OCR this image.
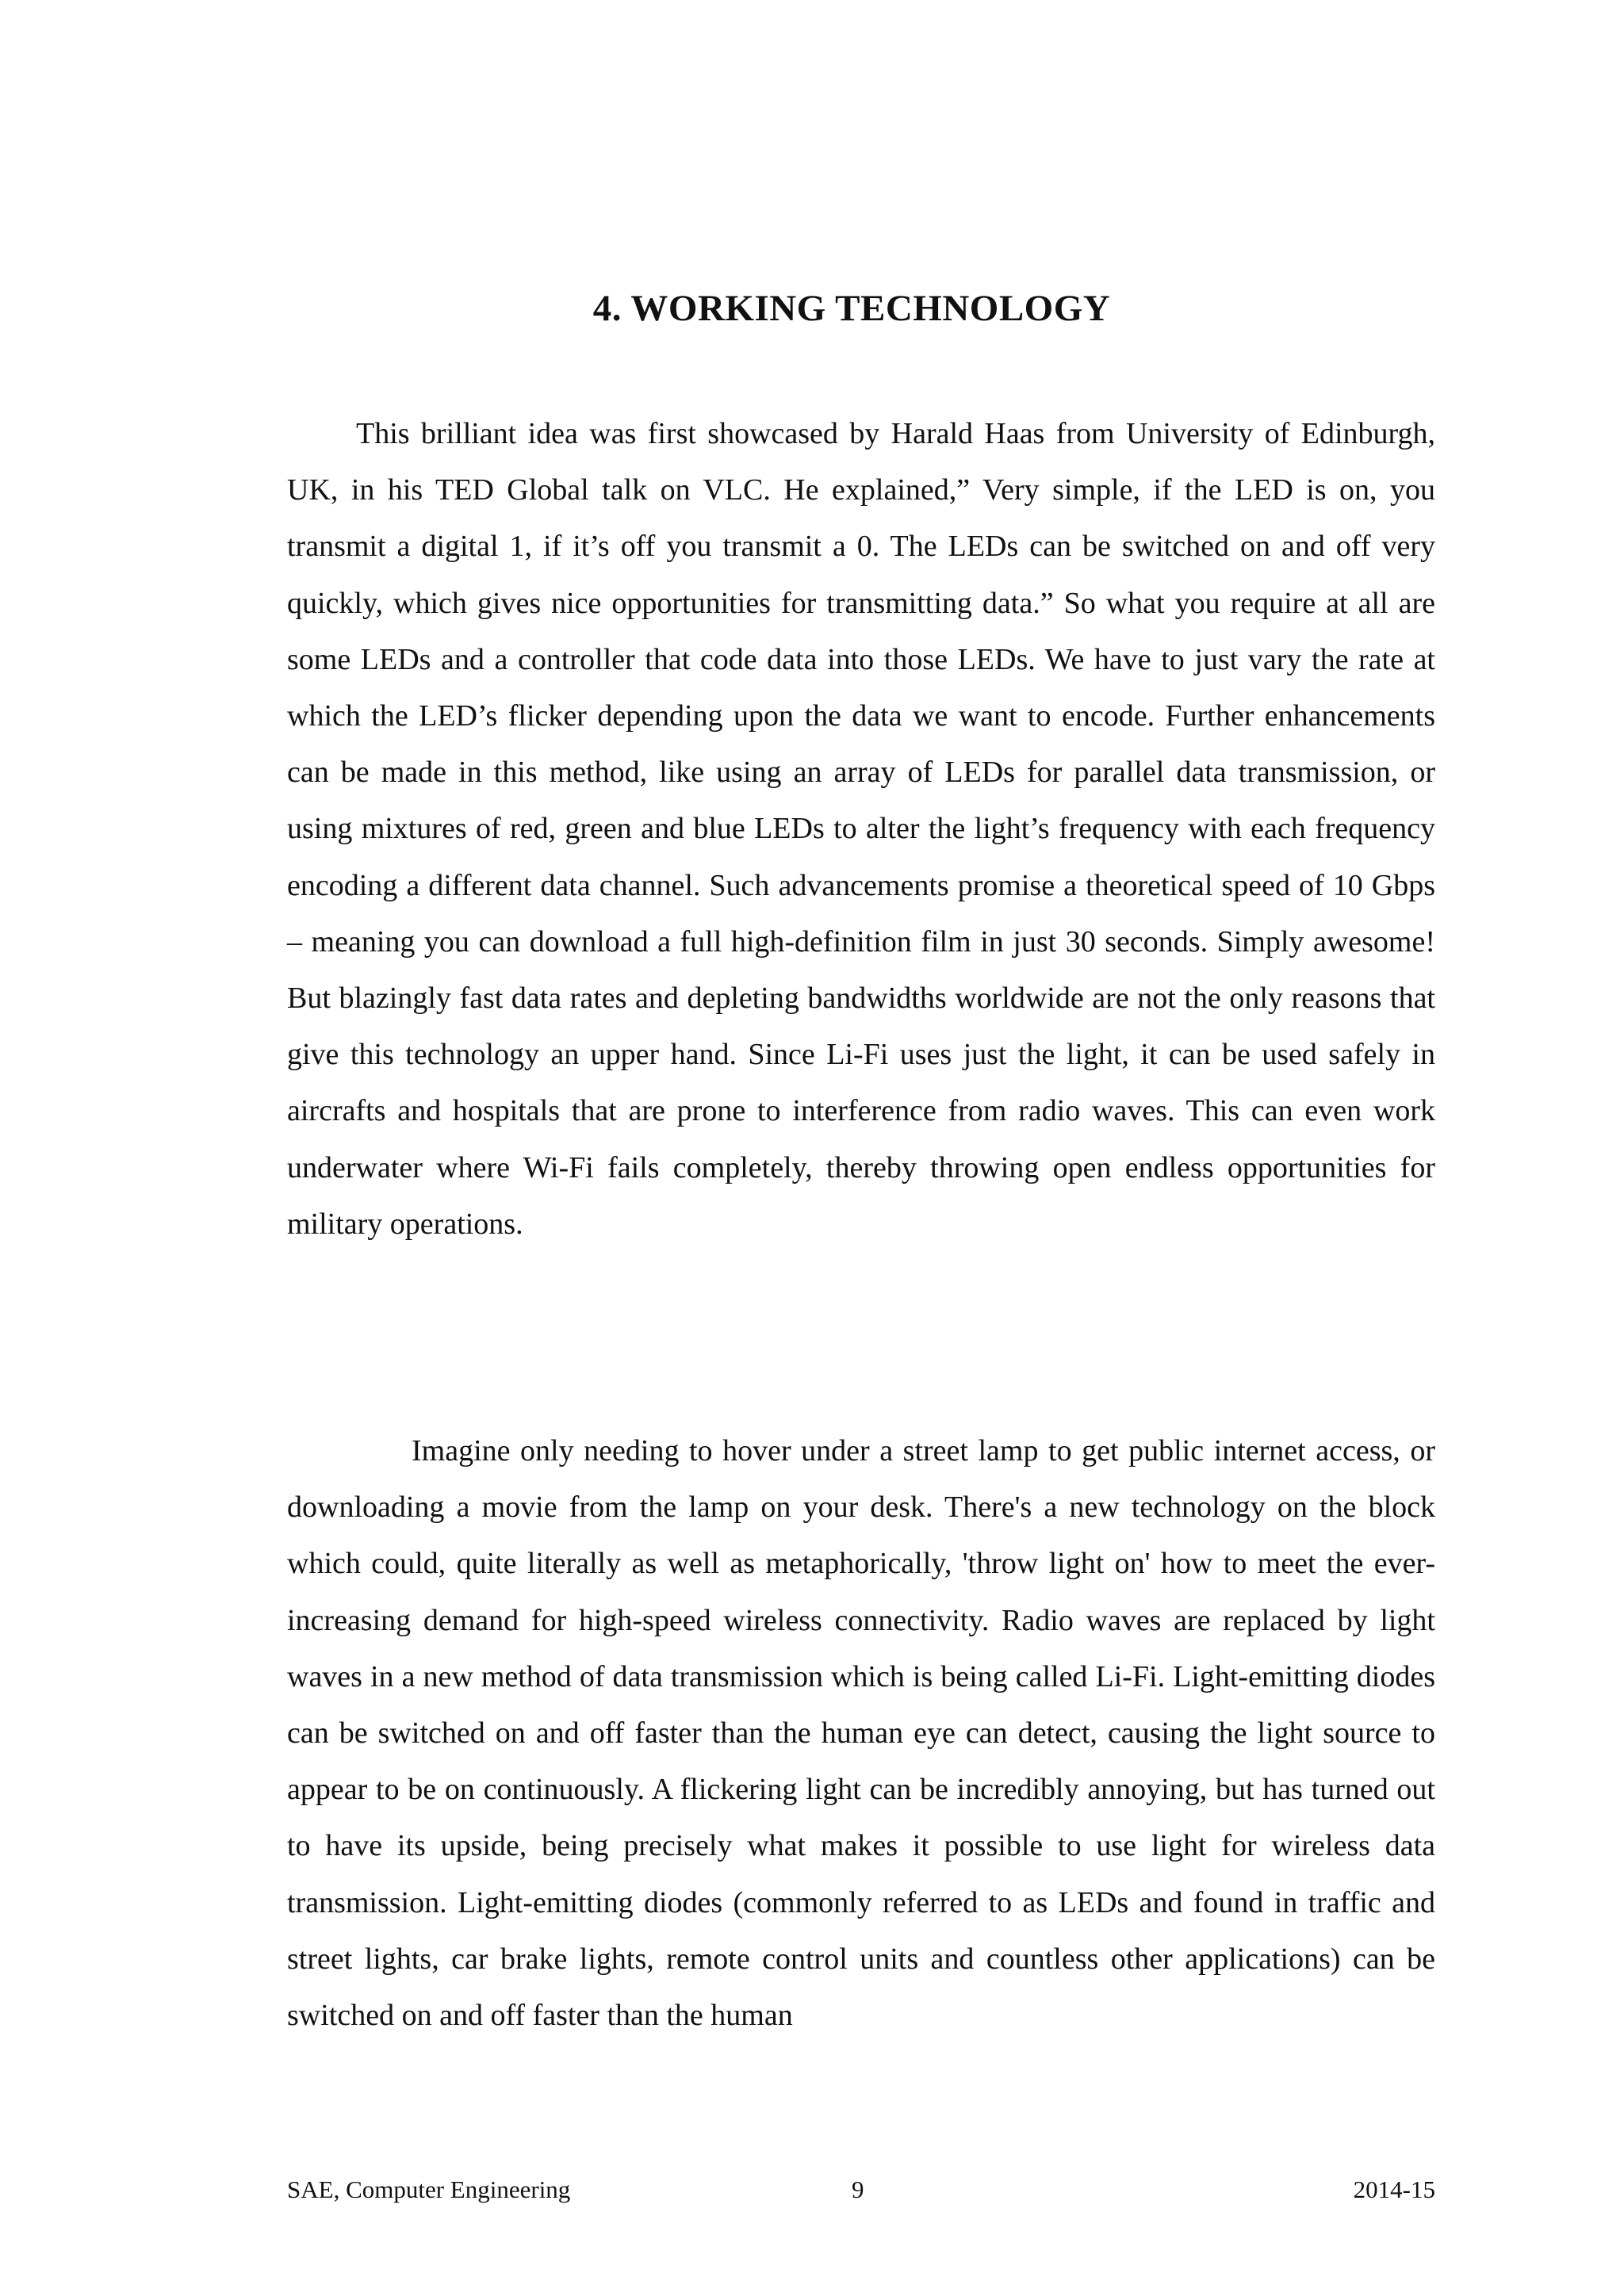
4. WORKING TECHNOLOGY

This brilliant idea was first showcased by Harald Haas from University of Edinburgh, UK, in his TED Global talk on VLC. He explained,” Very simple, if the LED is on, you transmit a digital 1, if it’s off you transmit a 0. The LEDs can be switched on and off very quickly, which gives nice opportunities for transmitting data.” So what you require at all are some LEDs and a controller that code data into those LEDs. We have to just vary the rate at which the LED’s flicker depending upon the data we want to encode. Further enhancements can be made in this method, like using an array of LEDs for parallel data transmission, or using mixtures of red, green and blue LEDs to alter the light’s frequency with each frequency encoding a different data channel. Such advancements promise a theoretical speed of 10 Gbps – meaning you can download a full high-definition film in just 30 seconds. Simply awesome! But blazingly fast data rates and depleting bandwidths worldwide are not the only reasons that give this technology an upper hand. Since Li-Fi uses just the light, it can be used safely in aircrafts and hospitals that are prone to interference from radio waves. This can even work underwater where Wi-Fi fails completely, thereby throwing open endless opportunities for military operations.

Imagine only needing to hover under a street lamp to get public internet access, or downloading a movie from the lamp on your desk. There's a new technology on the block which could, quite literally as well as metaphorically, 'throw light on' how to meet the ever-increasing demand for high-speed wireless connectivity. Radio waves are replaced by light waves in a new method of data transmission which is being called Li-Fi. Light-emitting diodes can be switched on and off faster than the human eye can detect, causing the light source to appear to be on continuously. A flickering light can be incredibly annoying, but has turned out to have its upside, being precisely what makes it possible to use light for wireless data transmission. Light-emitting diodes (commonly referred to as LEDs and found in traffic and street lights, car brake lights, remote control units and countless other applications) can be switched on and off faster than the human

SAE, Computer Engineering	9	2014-15
